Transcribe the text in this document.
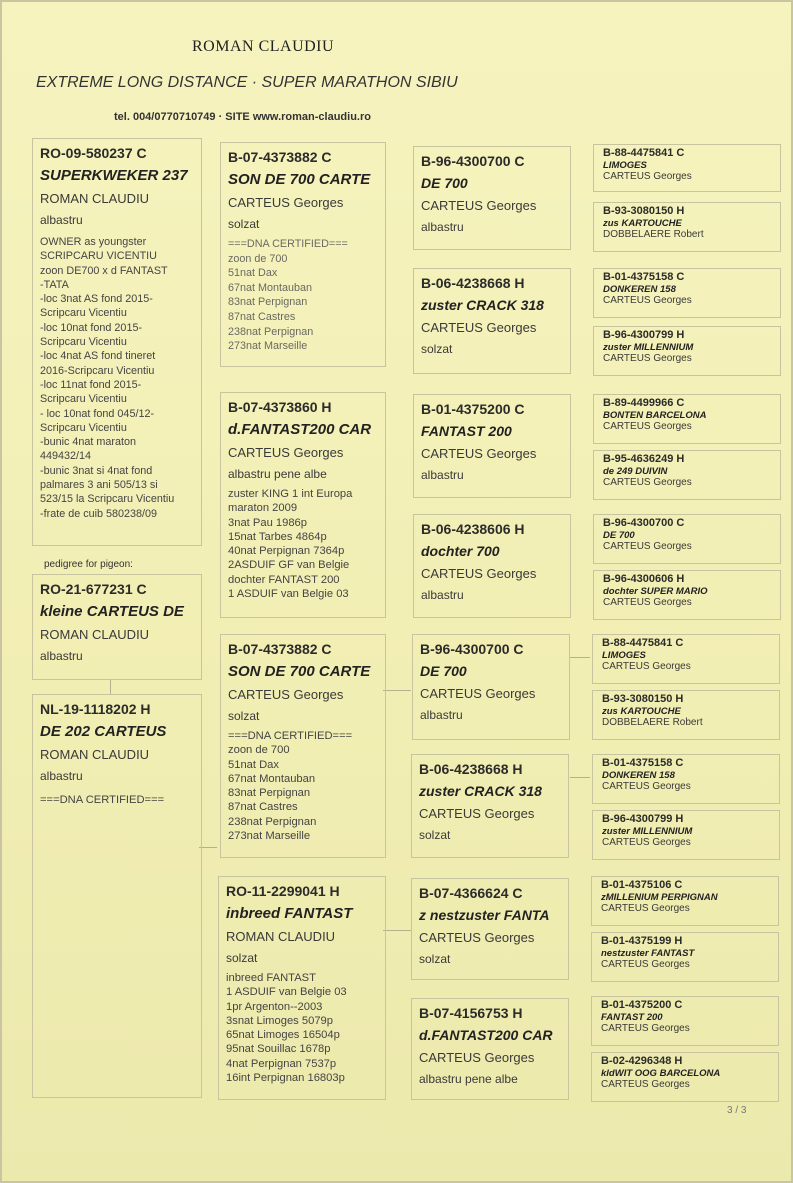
ROMAN CLAUDIU
EXTREME LONG DISTANCE · SUPER MARATHON SIBIU
tel. 004/0770710749 · SITE www.roman-claudiu.ro
RO-09-580237 C
SUPERKWEKER 237
ROMAN CLAUDIU
albastru
OWNER as youngster
SCRIPCARU VICENTIU
zoon DE700 x d FANTAST
-TATA
-loc 3nat AS fond 2015-
Scripcaru Vicentiu
-loc 10nat fond 2015-
Scripcaru Vicentiu
-loc 4nat AS fond tineret
2016-Scripcaru Vicentiu
-loc 11nat fond 2015-
Scripcaru Vicentiu
- loc 10nat fond 045/12-
Scripcaru Vicentiu
-bunic 4nat maraton
449432/14
-bunic 3nat si 4nat fond
palmares 3 ani 505/13 si
523/15 la Scripcaru Vicentiu
-frate de cuib 580238/09
pedigree for pigeon:
RO-21-677231 C
kleine CARTEUS DE
ROMAN CLAUDIU
albastru
NL-19-1118202 H
DE 202 CARTEUS
ROMAN CLAUDIU
albastru
===DNA CERTIFIED===
B-07-4373882 C
SON DE 700 CARTE
CARTEUS Georges
solzat
===DNA CERTIFIED===
zoon de 700
51nat Dax
67nat Montauban
83nat Perpignan
87nat Castres
238nat Perpignan
273nat Marseille
B-07-4373860 H
d.FANTAST200 CAR
CARTEUS Georges
albastru pene albe
zuster KING 1 int Europa
maraton 2009
3nat Pau 1986p
15nat Tarbes 4864p
40nat Perpignan 7364p
2ASDUIF GF van Belgie
dochter FANTAST 200
1 ASDUIF van Belgie 03
B-07-4373882 C
SON DE 700 CARTE
CARTEUS Georges
solzat
===DNA CERTIFIED===
zoon de 700
51nat Dax
67nat Montauban
83nat Perpignan
87nat Castres
238nat Perpignan
273nat Marseille
RO-11-2299041 H
inbreed FANTAST
ROMAN CLAUDIU
solzat
inbreed FANTAST
1 ASDUIF van Belgie 03
1pr Argenton--2003
3snat Limoges 5079p
65nat Limoges 16504p
95nat Souillac 1678p
4nat Perpignan 7537p
16int Perpignan 16803p
B-96-4300700 C
DE 700
CARTEUS Georges
albastru
B-06-4238668 H
zuster CRACK 318
CARTEUS Georges
solzat
B-01-4375200 C
FANTAST 200
CARTEUS Georges
albastru
B-06-4238606 H
dochter 700
CARTEUS Georges
albastru
B-96-4300700 C
DE 700
CARTEUS Georges
albastru
B-06-4238668 H
zuster CRACK 318
CARTEUS Georges
solzat
B-07-4366624 C
z nestzuster FANTA
CARTEUS Georges
solzat
B-07-4156753 H
d.FANTAST200 CAR
CARTEUS Georges
albastru pene albe
B-88-4475841 C
LIMOGES
CARTEUS Georges
B-93-3080150 H
zus KARTOUCHE
DOBBELAERE Robert
B-01-4375158 C
DONKEREN 158
CARTEUS Georges
B-96-4300799 H
zuster MILLENNIUM
CARTEUS Georges
B-89-4499966 C
BONTEN BARCELONA
CARTEUS Georges
B-95-4636249 H
de 249 DUIVIN
CARTEUS Georges
B-96-4300700 C
DE 700
CARTEUS Georges
B-96-4300606 H
dochter SUPER MARIO
CARTEUS Georges
B-88-4475841 C
LIMOGES
CARTEUS Georges
B-93-3080150 H
zus KARTOUCHE
DOBBELAERE Robert
B-01-4375158 C
DONKEREN 158
CARTEUS Georges
B-96-4300799 H
zuster MILLENNIUM
CARTEUS Georges
B-01-4375106 C
zMILLENIUM PERPIGNAN
CARTEUS Georges
B-01-4375199 H
nestzuster FANTAST
CARTEUS Georges
B-01-4375200 C
FANTAST 200
CARTEUS Georges
B-02-4296348 H
kldWIT OOG BARCELONA
CARTEUS Georges
3 / 3
